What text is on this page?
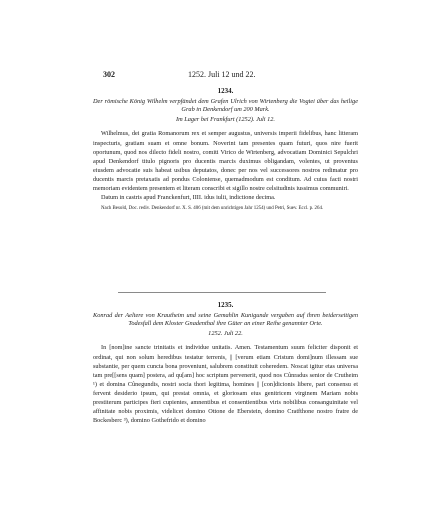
302	1252. Juli 12 und 22.

1234.

Der römische König Wilhelm verpfändet dem Grafen Ulrich von Wirtenberg die Vogtei über das heilige Grab in Denkendorf um 200 Mark.

Im Lager bei Frankfurt (1252). Juli 12.

Wilhelmus, dei gratia Romanorum rex et semper augustus, universis imperii fidelibus, hanc litteram inspecturis, gratiam suam et omne bonum. Noverint tam presentes quam futuri, quos nire fuerit oportunum, quod nos dilecto fideli nostro, comiti Virico de Wirtenberg, advocatiam Dominici Sepulchri apud Denkendorf titulo pignoris pro ducentis marcis duximus obligandam, volentes, ut proventus eiusdem advocatie suis habeat usibus deputatos, donec per nos vel successores nostros redimatur pro ducentis marcis pretaxatis ad pondus Coloniense, quemadmodum est conditum. Ad cuius facti nostri memoriam evidentem presentem et literam conscribi et sigillo nostre celsitudinis iussimus communiri.

Datum in castris apud Franckenfurt, IIII. idus iulii, indictione decima.

Nach Besold, Doc. rediv. Denkendorf nr. X. S. 406 (mit dem unrichtigen Jahr 1254) und Petri, Suev. Eccl. p. 264.

1235.

Konrad der Aeltere von Krautheim und seine Gemahlin Kunigunde vergaben auf ihren beiderseitigen Todesfall dem Kloster Gnadenthal ihre Güter an einer Reihe genannter Orte.

1252. Juli 22.

In [nom]ine sancte trinitatis et individue unitatis. Amen. Testamentum suum feliciter disponit et ordinat, qui non solum heredibus testatur terrenis, || [verum etiam Cristum domi]num illessam sue substantie, per quem cuncta bona proveniunt, salubrem constituit coheredem. Noscat igitur etas universa tam pre[[sens quam] postera, ad qu[am] hoc scriptum pervenerit, quod nos Cûnradus senior de Crutheim ¹) et domina Cûnegundis, nostri socia thori legitima, homines || [con]dicionis libere, pari consensu et fervent desiderio ipsum, qui prestat omnia, et gloriosam eius genitricem virginem Mariam nobis prestiterum participes fieri cupientes, amnentibus et consentientibus viris nobilibus consanguinitate vel affinitate nobis proximis, videlicet domino Ottone de Eberstein, domino Cratfthone nostro fratre de Bockesberc ³), domino Gothefrido et domino
